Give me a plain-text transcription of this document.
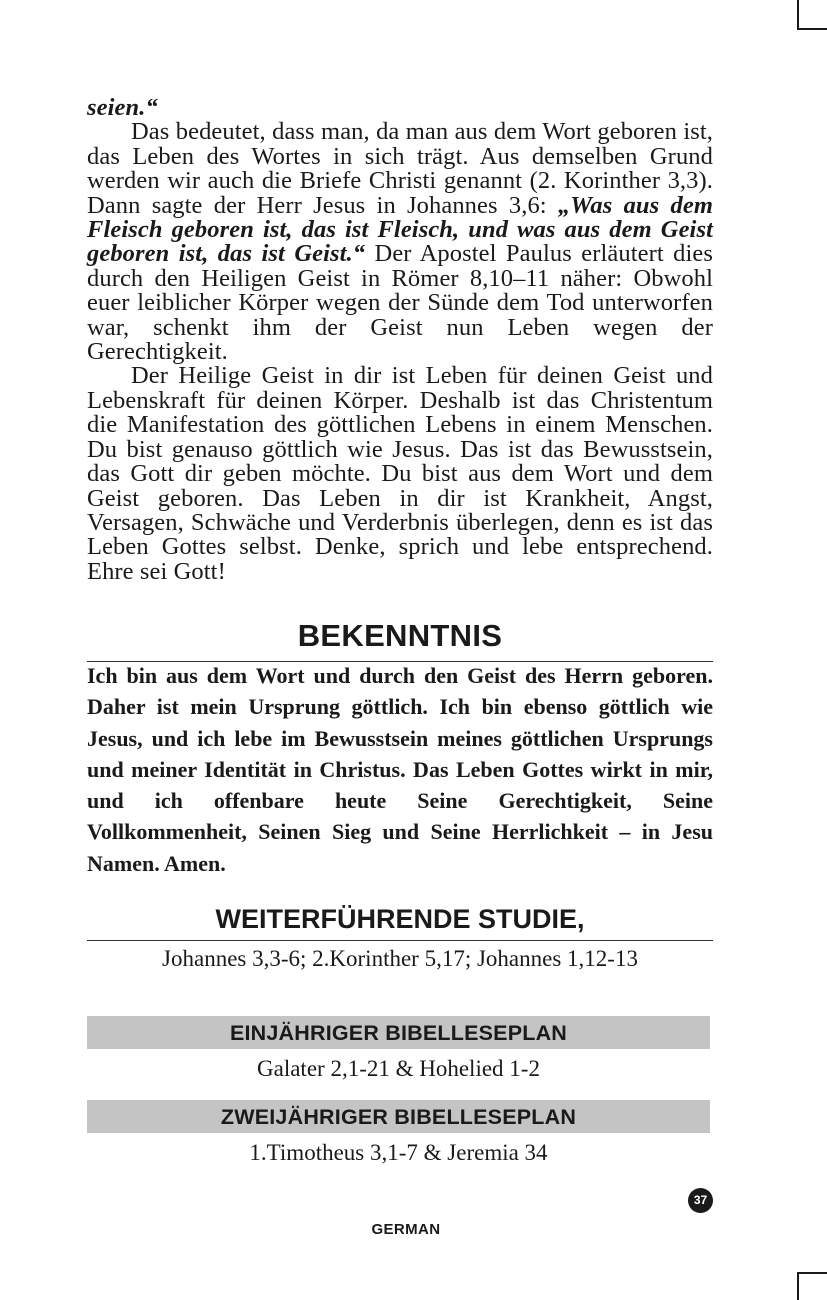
seien.“

Das bedeutet, dass man, da man aus dem Wort geboren ist, das Leben des Wortes in sich trägt. Aus demselben Grund werden wir auch die Briefe Christi genannt (2. Korinther 3,3). Dann sagte der Herr Jesus in Johannes 3,6: „Was aus dem Fleisch geboren ist, das ist Fleisch, und was aus dem Geist geboren ist, das ist Geist.“ Der Apostel Paulus erläutert dies durch den Heiligen Geist in Römer 8,10–11 näher: Obwohl euer leiblicher Körper wegen der Sünde dem Tod unterworfen war, schenkt ihm der Geist nun Leben wegen der Gerechtigkeit.

Der Heilige Geist in dir ist Leben für deinen Geist und Lebenskraft für deinen Körper. Deshalb ist das Christentum die Manifestation des göttlichen Lebens in einem Menschen. Du bist genauso göttlich wie Jesus. Das ist das Bewusstsein, das Gott dir geben möchte. Du bist aus dem Wort und dem Geist geboren. Das Leben in dir ist Krankheit, Angst, Versagen, Schwäche und Verderbnis überlegen, denn es ist das Leben Gottes selbst. Denke, sprich und lebe entsprechend. Ehre sei Gott!

BEKENNTNIS

Ich bin aus dem Wort und durch den Geist des Herrn geboren. Daher ist mein Ursprung göttlich. Ich bin ebenso göttlich wie Jesus, und ich lebe im Bewusstsein meines göttlichen Ursprungs und meiner Identität in Christus. Das Leben Gottes wirkt in mir, und ich offenbare heute Seine Gerechtigkeit, Seine Vollkommenheit, Seinen Sieg und Seine Herrlichkeit – in Jesu Namen. Amen.

WEITERFÜHRENDE STUDIE,

Johannes 3,3-6; 2.Korinther 5,17; Johannes 1,12-13

EINJÄHRIGER BIBELLESEPLAN

Galater 2,1-21 & Hohelied 1-2

ZWEIJÄHRIGER BIBELLESEPLAN

1.Timotheus 3,1-7 & Jeremia 34

37
GERMAN
